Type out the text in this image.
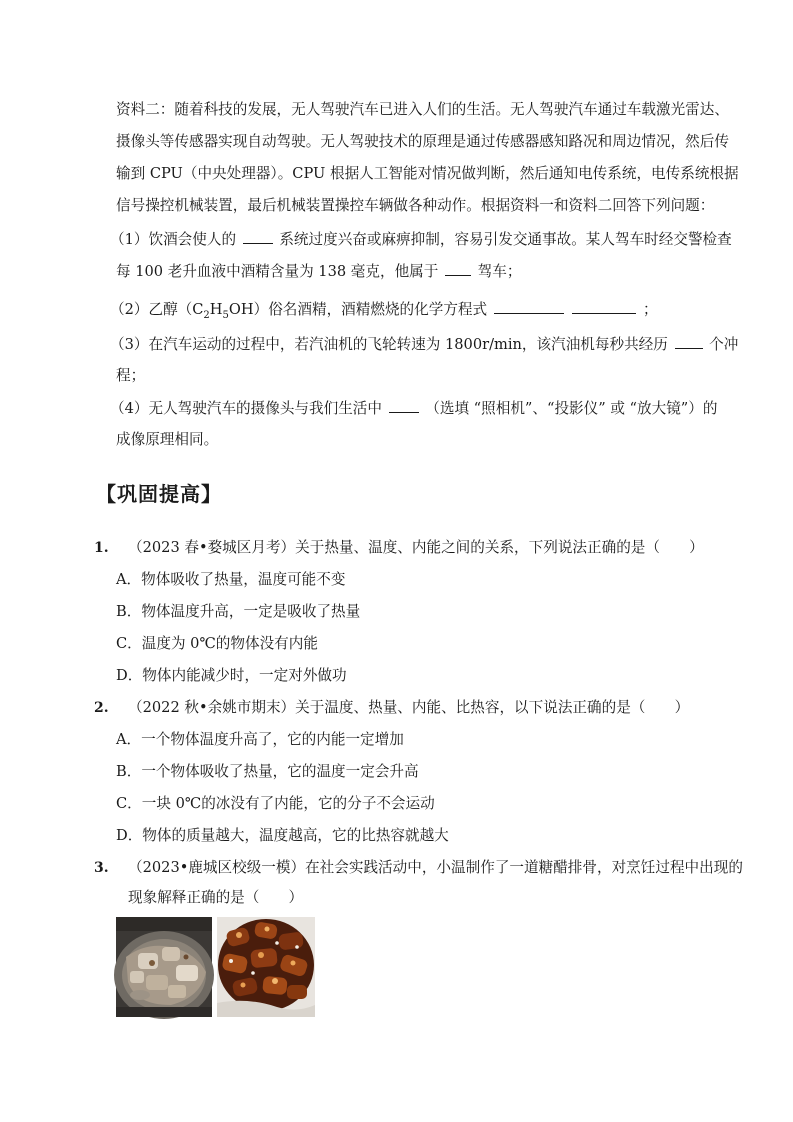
资料二：随着科技的发展，无人驾驶汽车已进入人们的生活。无人驾驶汽车通过车载激光雷达、
摄像头等传感器实现自动驾驶。无人驾驶技术的原理是通过传感器感知路况和周边情况，然后传
输到 CPU（中央处理器）。CPU 根据人工智能对情况做判断，然后通知电传系统，电传系统根据
信号操控机械装置，最后机械装置操控车辆做各种动作。根据资料一和资料二回答下列问题：
（1）饮酒会使人的	系统过度兴奋或麻痹抑制，容易引发交通事故。某人驾车时经交警检查
每 100 老升血液中酒精含量为 138 毫克，他属于	驾车；
（2）乙醇$(C_2H_5OH)$俗名酒精，酒精燃烧的化学方程式	；
（3）在汽车运动的过程中，若汽油机的飞轮转速为 1800r/min，该汽油机每秒共经历	个冲
程；
（4）无人驾驶汽车的摄像头与我们生活中	（选填 “照相机”、“投影仪” 或 “放大镜”）的
成像原理相同。
【巩固提高】
1.	（2023 春•婺城区月考）关于热量、温度、内能之间的关系，下列说法正确的是（　　）
A．物体吸收了热量，温度可能不变
B．物体温度升高，一定是吸收了热量
C．温度为 0℃的物体没有内能
D．物体内能减少时，一定对外做功
2.	（2022 秋•余姚市期末）关于温度、热量、内能、比热容，以下说法正确的是（　　）
A．一个物体温度升高了，它的内能一定增加
B．一个物体吸收了热量，它的温度一定会升高
C．一块 0℃的冰没有了内能，它的分子不会运动
D．物体的质量越大，温度越高，它的比热容就越大
3.	（2023•鹿城区校级一模）在社会实践活动中，小温制作了一道糖醋排骨，对烹饪过程中出现的
现象解释正确的是（　　）
